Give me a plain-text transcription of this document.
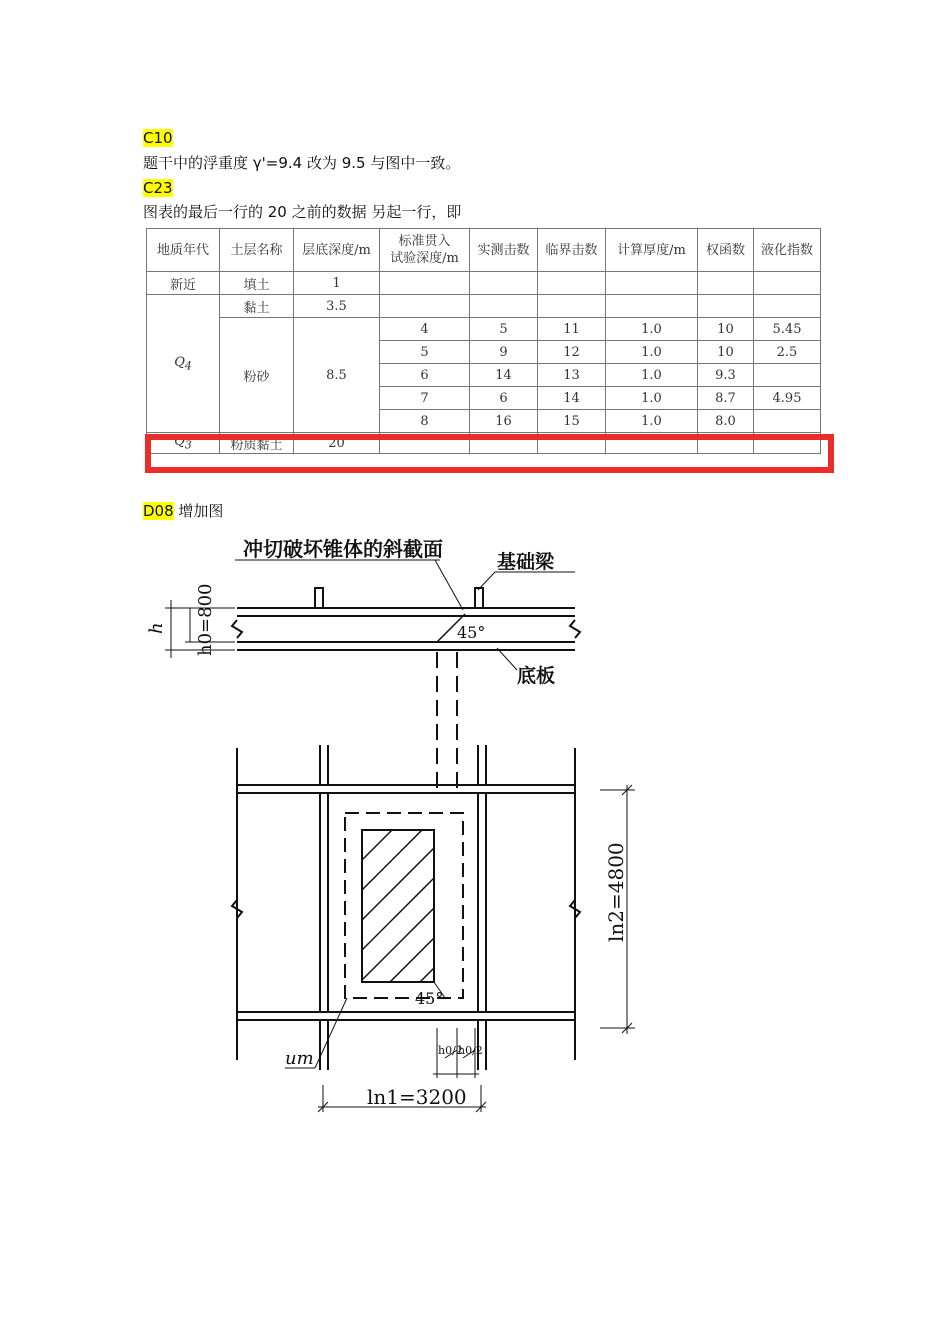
C10
题干中的浮重度 γ'=9.4 改为 9.5 与图中一致。
C23
图表的最后一行的 20 之前的数据 另起一行，即
地质年代	土层名称	层底深度/m	标准贯入
试验深度/m	实测击数	临界击数	计算厚度/m	权函数	液化指数
新近	填土	1						
$Q_4$	黏土	3.5						
	粉砂	8.5	4	5	11	1.0	10	5.45
			5	9	12	1.0	10	2.5
			6	14	13	1.0	9.3	
			7	6	14	1.0	8.7	4.95
			8	16	15	1.0	8.0	
$Q_3$	粉质黏土	20						
D08 增加图
冲切破坏锥体的斜截面
基础梁
底板
45°
45°
h h0=800
ln2=4800
ln1=3200
um	h0/2
h0/2
